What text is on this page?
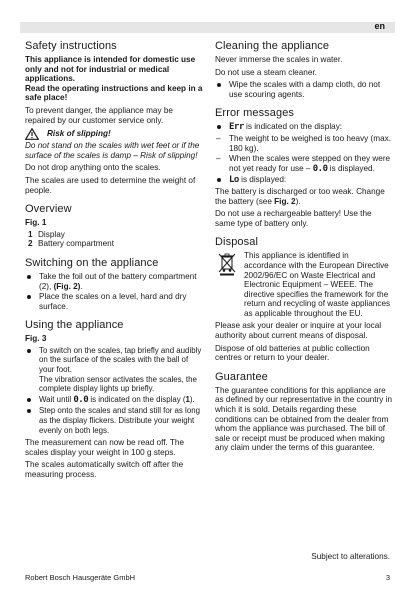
en
Safety instructions

This appliance is intended for domestic use only and not for industrial or medical applications.

Read the operating instructions and keep in a safe place!

To prevent danger, the appliance may be repaired by our customer service only.

Risk of slipping!

Do not stand on the scales with wet feet or if the surface of the scales is damp – Risk of slipping!

Do not drop anything onto the scales.

The scales are used to determine the weight of people.

Overview

Fig. 1

1 Display
2 Battery compartment
Switching on the appliance
Take the foil out of the battery compartment (2), (Fig. 2).
Place the scales on a level, hard and dry surface.
Using the appliance

Fig. 3

To switch on the scales, tap briefly and audibly on the surface of the scales with the ball of your foot.
The vibration sensor activates the scales, the complete display lights up briefly.
Wait until 0.0 is indicated on the display (1).
Step onto the scales and stand still for as long as the display flickers. Distribute your weight evenly on both legs.

The measurement can now be read off. The scales display your weight in 100 g steps.

The scales automatically switch off after the measuring process.

Cleaning the appliance

Never immerse the scales in water.

Do not use a steam cleaner.

Wipe the scales with a damp cloth, do not use scouring agents.
Error messages
Err is indicated on the display:
– The weight to be weighed is too heavy (max. 180 kg).
– When the scales were stepped on they were not yet ready for use – 0.0 is displayed.
Lo is displayed:

The battery is discharged or too weak. Change the battery (see Fig. 2).

Do not use a rechargeable battery! Use the same type of battery only.

Disposal

This appliance is identified in accordance with the European Directive 2002/96/EC on Waste Electrical and Electronic Equipment – WEEE. The directive specifies the framework for the return and recycling of waste appliances as applicable throughout the EU.

Please ask your dealer or inquire at your local authority about current means of disposal.

Dispose of old batteries at public collection centres or return to your dealer.

Guarantee

The guarantee conditions for this appliance are as defined by our representative in the country in which it is sold. Details regarding these conditions can be obtained from the dealer from whom the appliance was purchased. The bill of sale or receipt must be produced when making any claim under the terms of this guarantee.

Subject to alterations.
Robert Bosch Hausgeräte GmbH	3
